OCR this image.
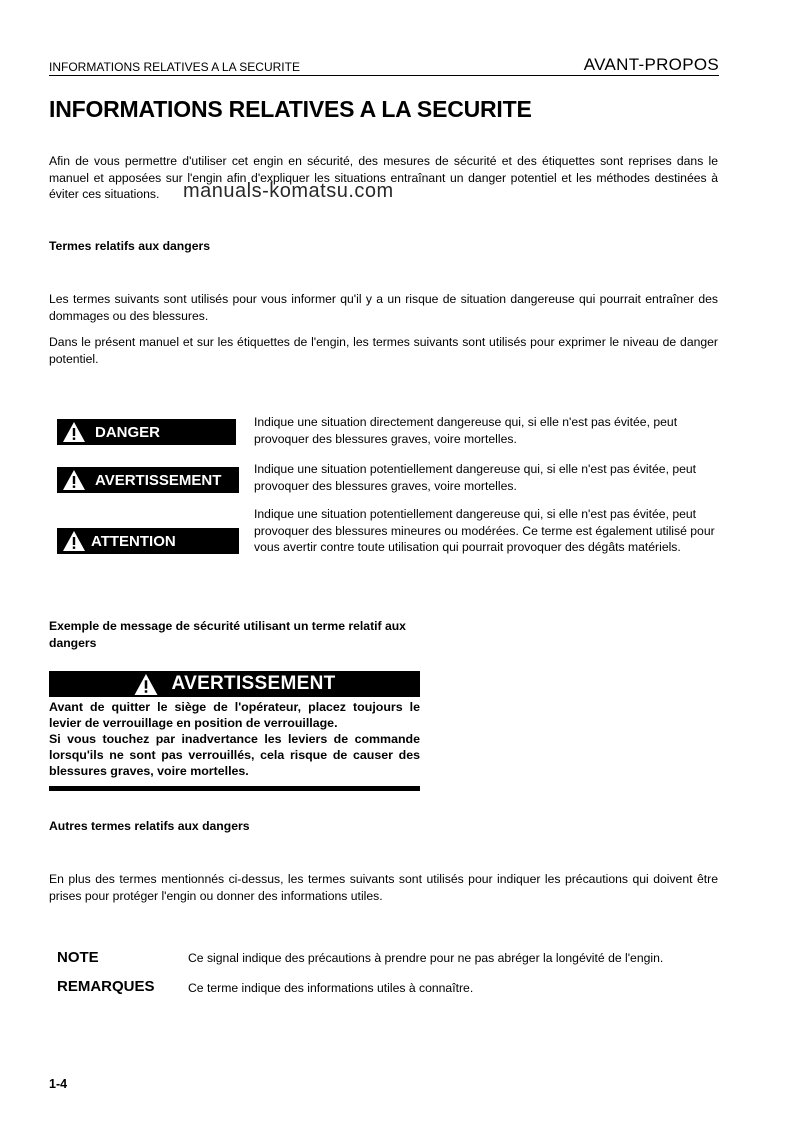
INFORMATIONS RELATIVES A LA SECURITE	AVANT-PROPOS
INFORMATIONS RELATIVES A LA SECURITE
Afin de vous permettre d'utiliser cet engin en sécurité, des mesures de sécurité et des étiquettes sont reprises dans le manuel et apposées sur l'engin afin d'expliquer les situations entraînant un danger potentiel et les méthodes destinées à éviter ces situations.	manuals-komatsu.com
Termes relatifs aux dangers
Les termes suivants sont utilisés pour vous informer qu'il y a un risque de situation dangereuse qui pourrait entraîner des dommages ou des blessures.
Dans le présent manuel et sur les étiquettes de l'engin, les termes suivants sont utilisés pour exprimer le niveau de danger potentiel.
DANGER
Indique une situation directement dangereuse qui, si elle n'est pas évitée, peut provoquer des blessures graves, voire mortelles.
AVERTISSEMENT
Indique une situation potentiellement dangereuse qui, si elle n'est pas évitée, peut provoquer des blessures graves, voire mortelles.
ATTENTION
Indique une situation potentiellement dangereuse qui, si elle n'est pas évitée, peut provoquer des blessures mineures ou modérées. Ce terme est également utilisé pour vous avertir contre toute utilisation qui pourrait provoquer des dégâts matériels.
Exemple de message de sécurité utilisant un terme relatif aux dangers
AVERTISSEMENT
Avant de quitter le siège de l'opérateur, placez toujours le levier de verrouillage en position de verrouillage.
Si vous touchez par inadvertance les leviers de commande lorsqu'ils ne sont pas verrouillés, cela risque de causer des blessures graves, voire mortelles.
Autres termes relatifs aux dangers
En plus des termes mentionnés ci-dessus, les termes suivants sont utilisés pour indiquer les précautions qui doivent être prises pour protéger l'engin ou donner des informations utiles.
NOTE	Ce signal indique des précautions à prendre pour ne pas abréger la longévité de l'engin.
REMARQUES	Ce terme indique des informations utiles à connaître.
1-4
